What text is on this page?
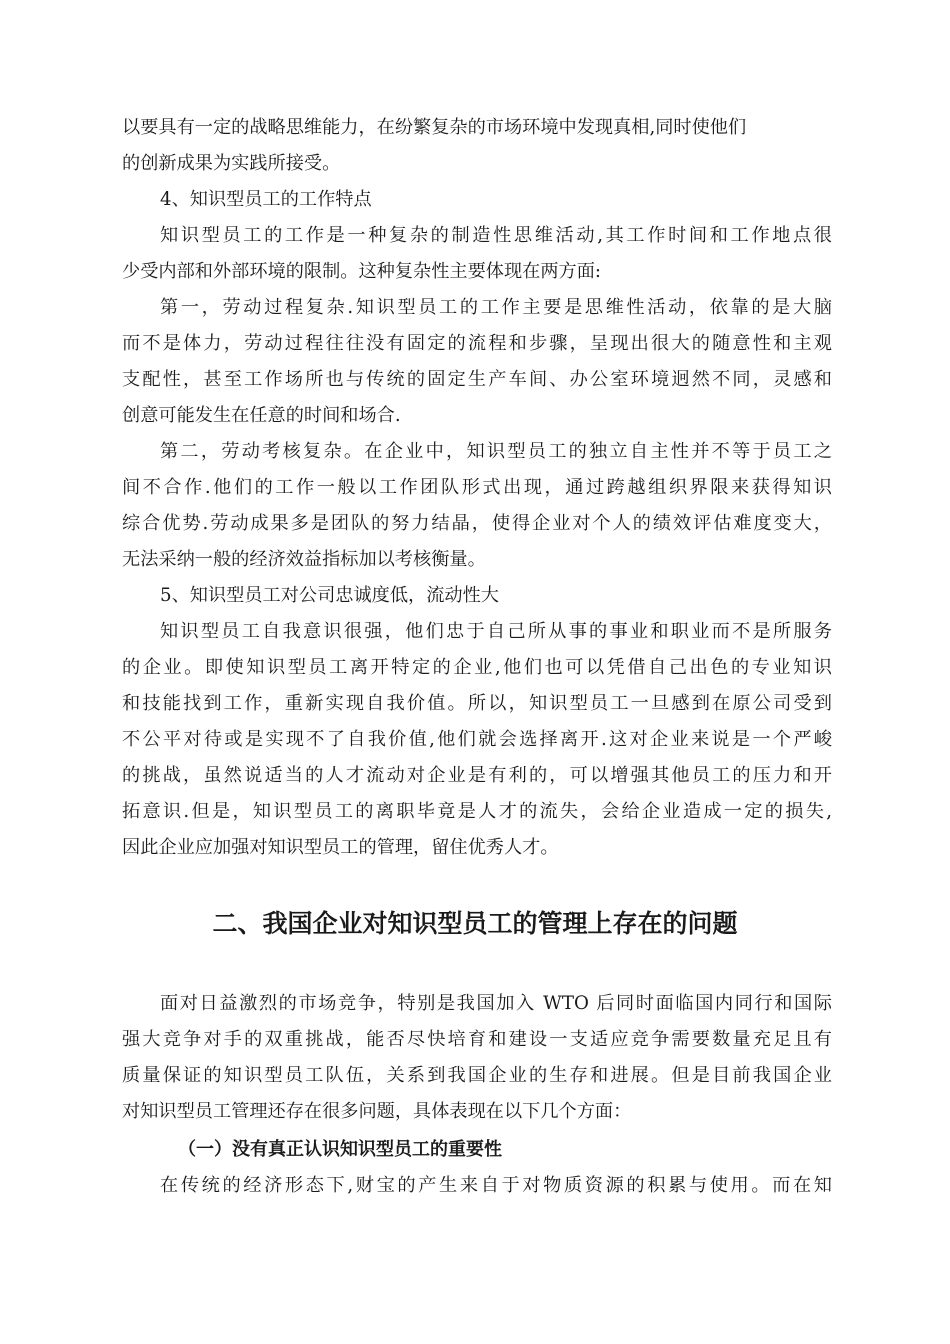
以要具有一定的战略思维能力，在纷繁复杂的市场环境中发现真相,同时使他们
的创新成果为实践所接受。
4、知识型员工的工作特点
知识型员工的工作是一种复杂的制造性思维活动,其工作时间和工作地点很
少受内部和外部环境的限制。这种复杂性主要体现在两方面:
第一，劳动过程复杂.知识型员工的工作主要是思维性活动，依靠的是大脑
而不是体力，劳动过程往往没有固定的流程和步骤，呈现出很大的随意性和主观
支配性，甚至工作场所也与传统的固定生产车间、办公室环境迥然不同，灵感和
创意可能发生在任意的时间和场合.
第二，劳动考核复杂。在企业中，知识型员工的独立自主性并不等于员工之
间不合作.他们的工作一般以工作团队形式出现，通过跨越组织界限来获得知识
综合优势.劳动成果多是团队的努力结晶，使得企业对个人的绩效评估难度变大，
无法采纳一般的经济效益指标加以考核衡量。
5、知识型员工对公司忠诚度低，流动性大
知识型员工自我意识很强，他们忠于自己所从事的事业和职业而不是所服务
的企业。即使知识型员工离开特定的企业,他们也可以凭借自己出色的专业知识
和技能找到工作，重新实现自我价值。所以，知识型员工一旦感到在原公司受到
不公平对待或是实现不了自我价值,他们就会选择离开.这对企业来说是一个严峻
的挑战，虽然说适当的人才流动对企业是有利的，可以增强其他员工的压力和开
拓意识.但是，知识型员工的离职毕竟是人才的流失，会给企业造成一定的损失,
因此企业应加强对知识型员工的管理，留住优秀人才。
二、我国企业对知识型员工的管理上存在的问题
面对日益激烈的市场竞争，特别是我国加入 WTO 后同时面临国内同行和国际
强大竞争对手的双重挑战，能否尽快培育和建设一支适应竞争需要数量充足且有
质量保证的知识型员工队伍，关系到我国企业的生存和进展。但是目前我国企业
对知识型员工管理还存在很多问题，具体表现在以下几个方面：
（一）没有真正认识知识型员工的重要性
在传统的经济形态下,财宝的产生来自于对物质资源的积累与使用。而在知
